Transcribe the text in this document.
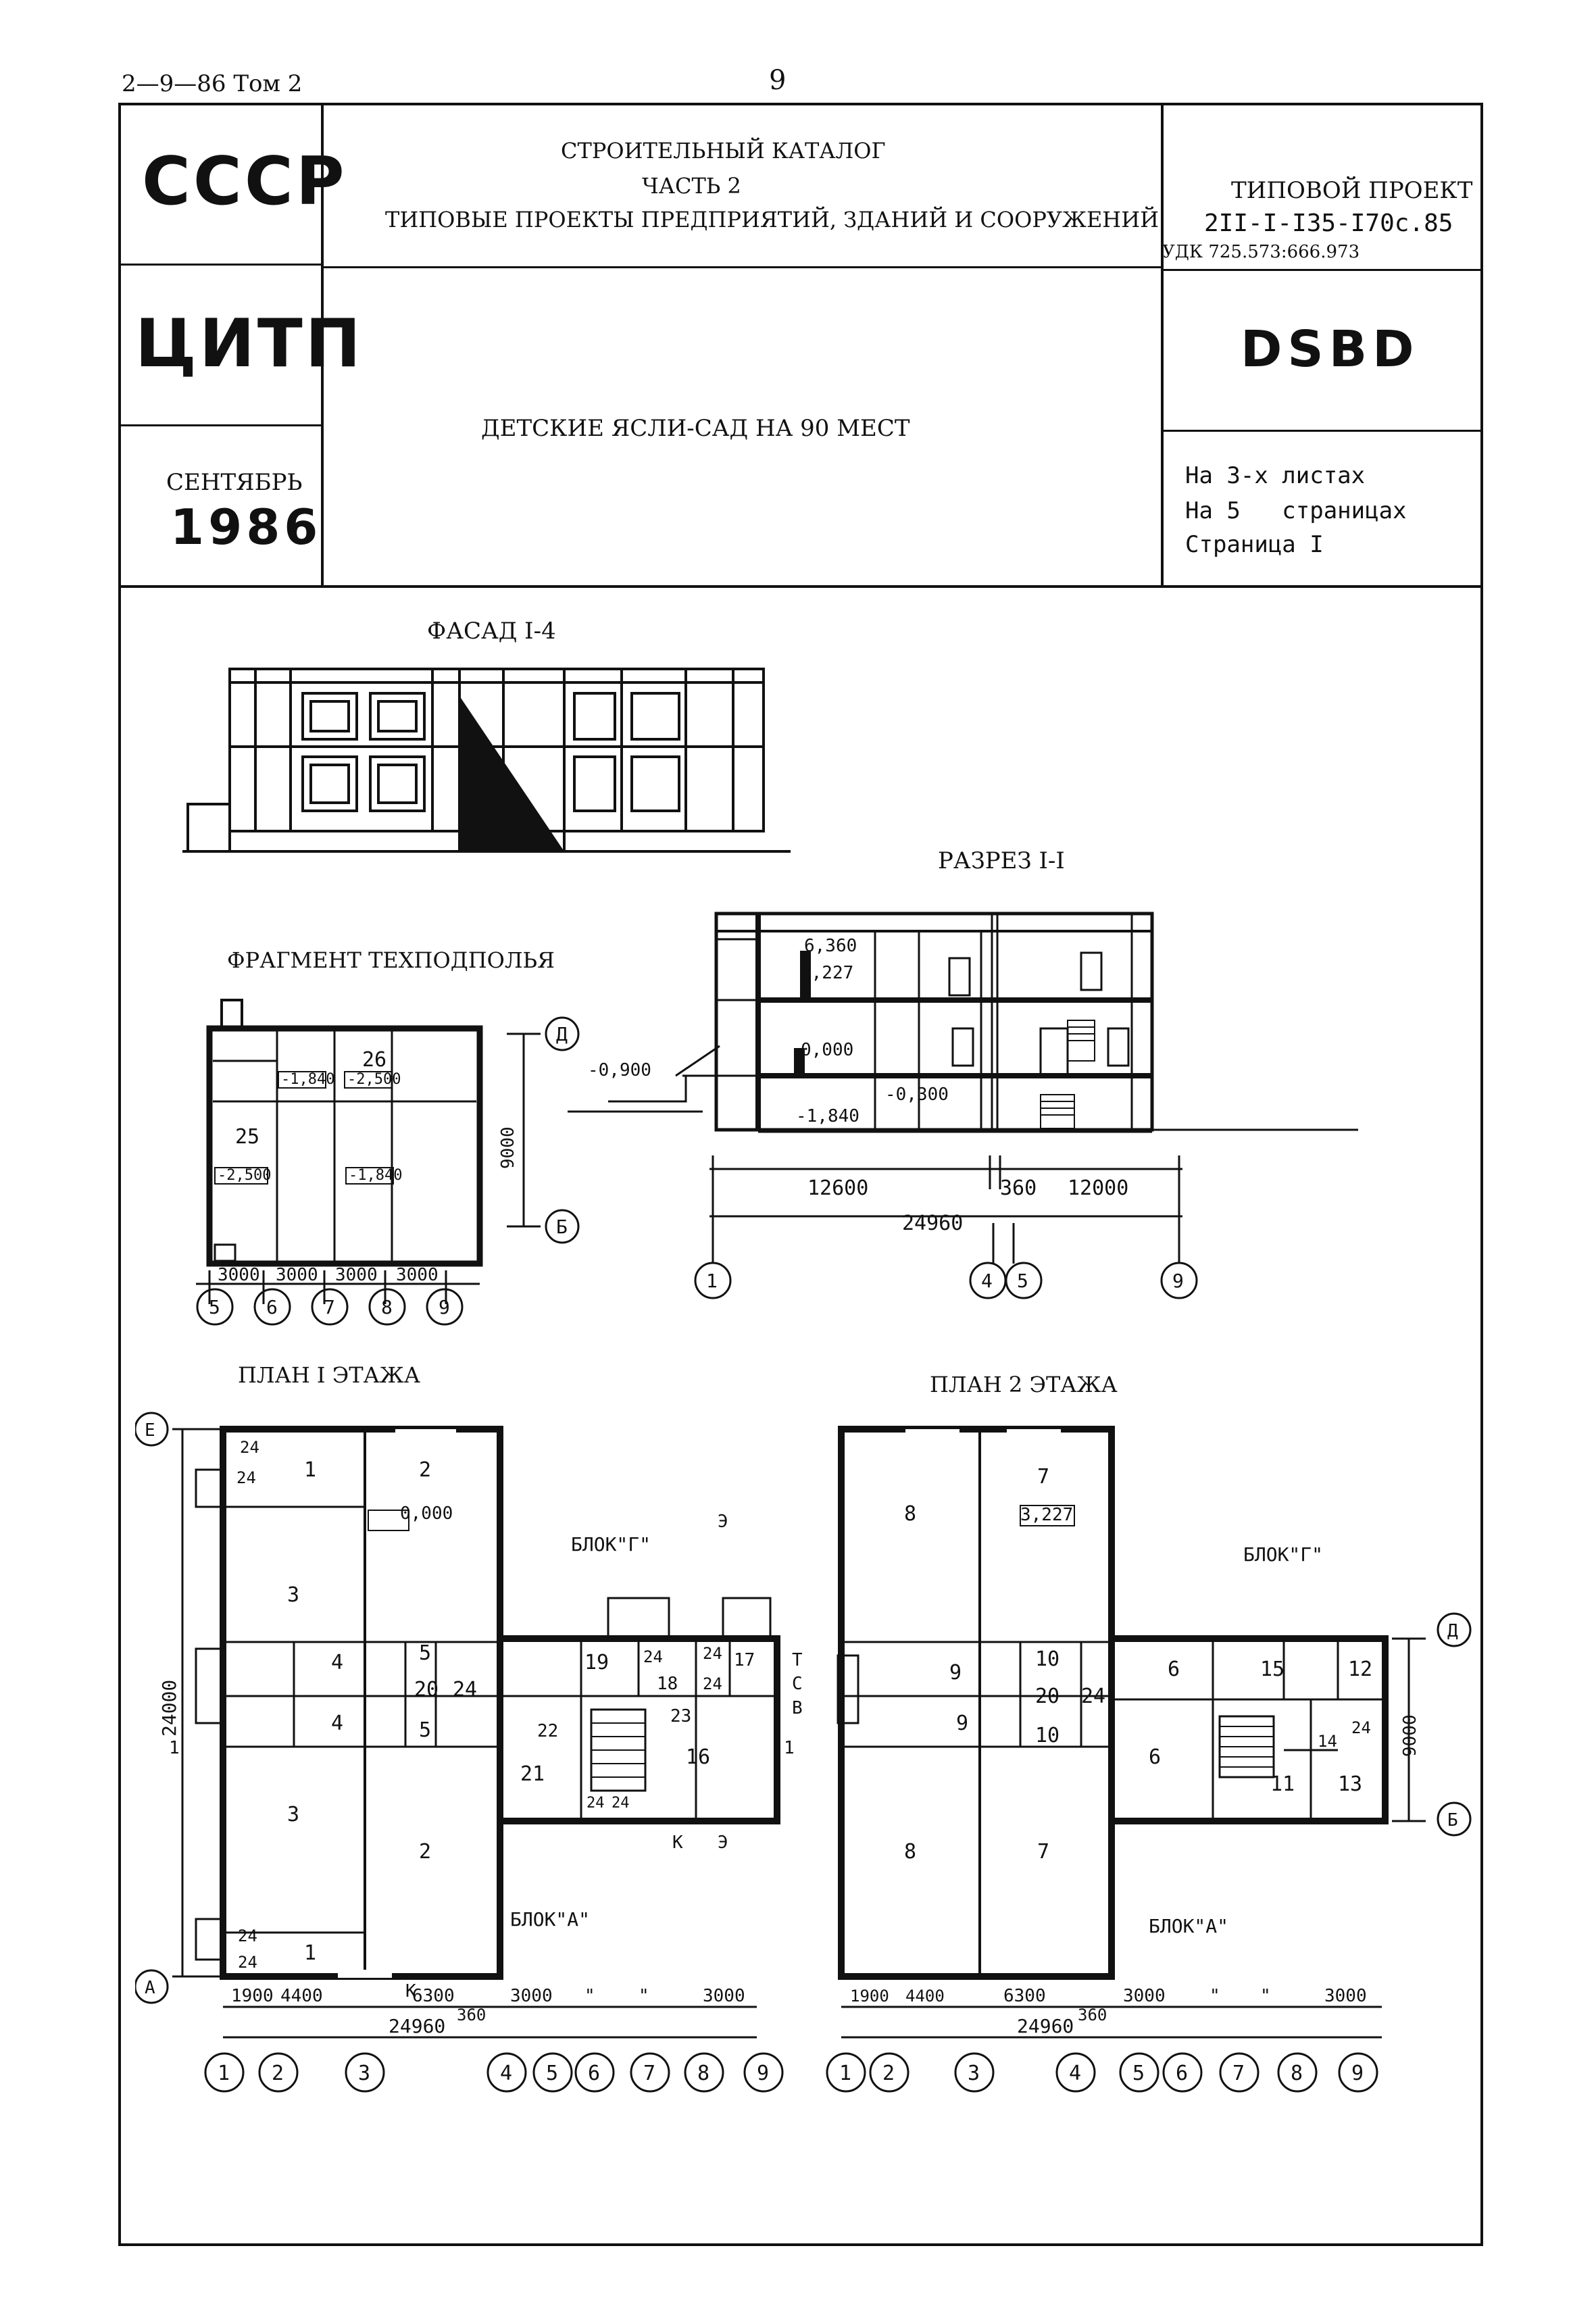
2—9—86 Том 2	9
СССР
ЦИТП
СЕНТЯБРЬ
1986
СТРОИТЕЛЬНЫЙ КАТАЛОГ
ЧАСТЬ 2
ТИПОВЫЕ ПРОЕКТЫ ПРЕДПРИЯТИЙ, ЗДАНИЙ И СООРУЖЕНИЙ
ТИПОВОЙ ПРОЕКТ
2II-I-I35-I70с.85
УДК 725.573:666.973
DSBD
ДЕТСКИЕ ЯСЛИ-САД НА 90 МЕСТ
На 3-х листах
На 5   страницах
Страница I
ФАСАД I-4
РАЗРЕЗ I-I
6,360
3,227
0,000
-0,300
-1,840
-0,900
12600	360 12000
24960
1	4 5	9
ФРАГМЕНТ ТЕХПОДПОЛЬЯ
26
25
-1,840 -2,500
-2,500	-1,840
9000
Д
Б
3000 3000 3000 3000
5 6 7 8 9
ПЛАН I ЭТАЖА
1	2
3
4
4
5
5
20 24
3
2
1
24
24
24
24
19 24 24 17
18 24
22
23
16
21
24 24
0,000
БЛОК"Г"
БЛОК"А"
24000
Е
А
1	1
Э
Э
К
К
Т
С
В
1900 4400	6300	3000 " "	3000
360
24960
1 2	3	4 5 6 7 8 9
ПЛАН 2 ЭТАЖА
8
7
9
9
10
10
20 24
8	7
6	15	12
6
11
14
13
24
3,227
БЛОК"Г"
БЛОК"А"
9000
Д
Б
1900 4400	6300	3000	" "	3000
360
24960
1 2	3	4	5 6 7 8 9
